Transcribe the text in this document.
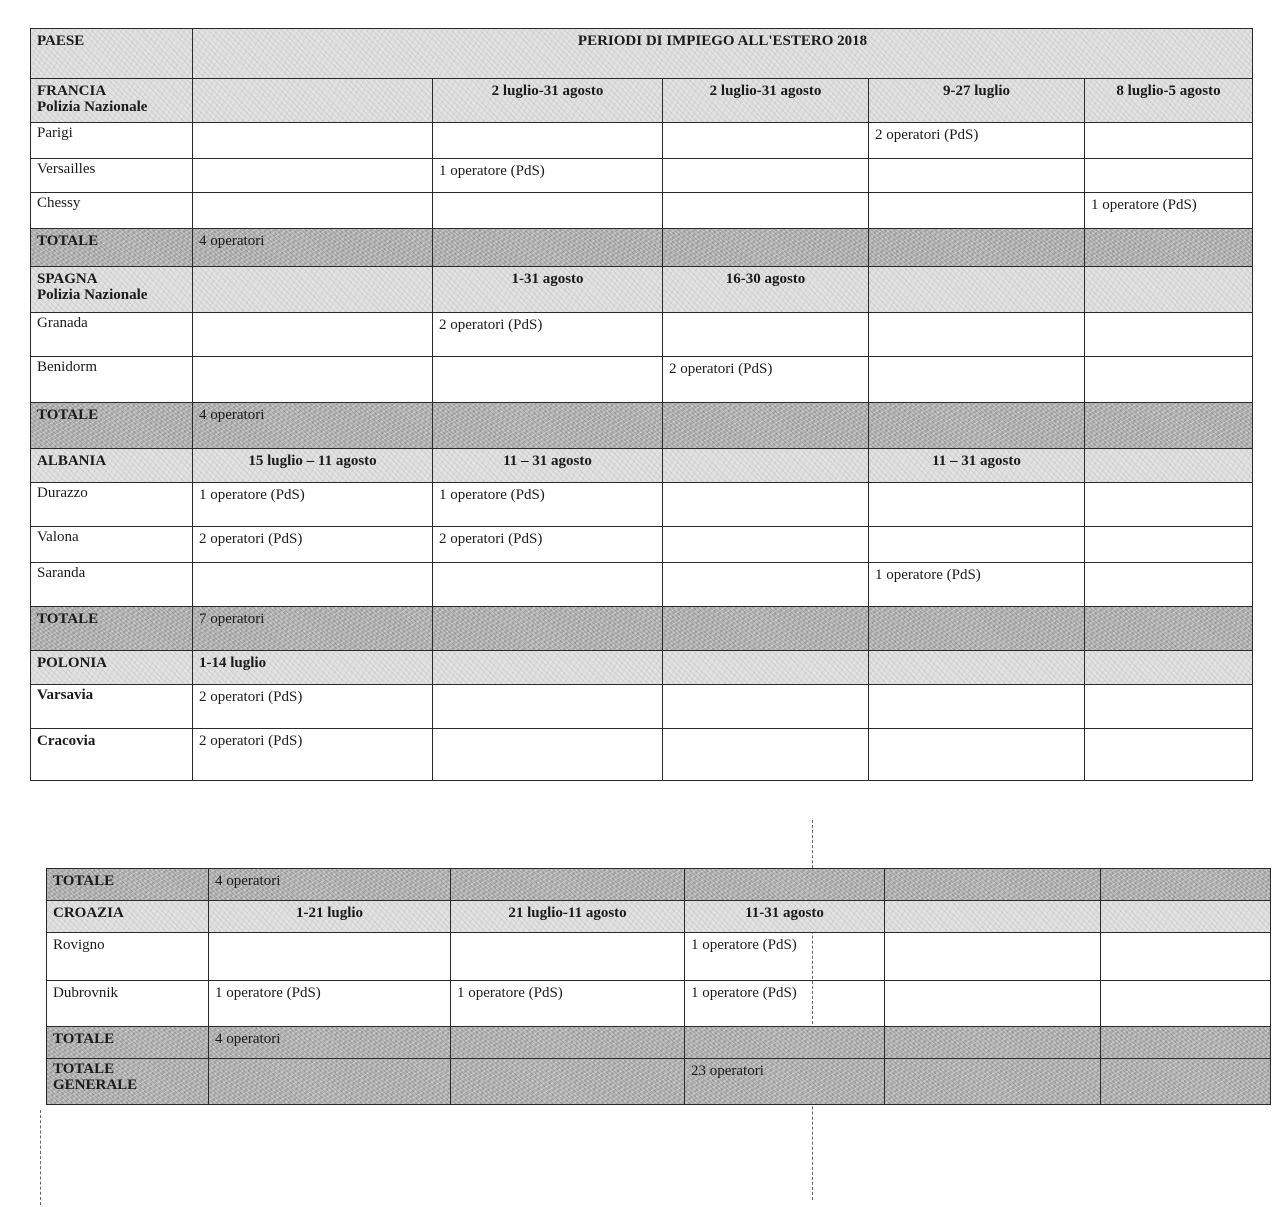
PAESE	PERIODI DI IMPIEGO ALL'ESTERO 2018				

FRANCIA
Polizia Nazionale		2 luglio-31 agosto	2 luglio-31 agosto	9-27 luglio	8 luglio-5 agosto
Parigi				2 operatori (PdS)	
Versailles		1 operatore (PdS)			
Chessy					1 operatore (PdS)
TOTALE	4 operatori				

SPAGNA
Polizia Nazionale		1-31 agosto	16-30 agosto		
Granada		2 operatori (PdS)			
Benidorm			2 operatori (PdS)		
TOTALE	4 operatori				
ALBANIA	15 luglio – 11 agosto	11 – 31 agosto		11 – 31 agosto	
Durazzo	1 operatore (PdS)	1 operatore (PdS)			
Valona	2 operatori (PdS)	2 operatori (PdS)			
Saranda				1 operatore (PdS)	
TOTALE	7 operatori				
POLONIA	1-14 luglio				
Varsavia	2 operatori (PdS)				
Cracovia	2 operatori (PdS)				
TOTALE	4 operatori				
CROAZIA	1-21 luglio	21 luglio-11 agosto	11-31 agosto		
Rovigno			1 operatore (PdS)		
Dubrovnik	1 operatore (PdS)	1 operatore (PdS)	1 operatore (PdS)		
TOTALE	4 operatori				

TOTALE
GENERALE			23 operatori		
